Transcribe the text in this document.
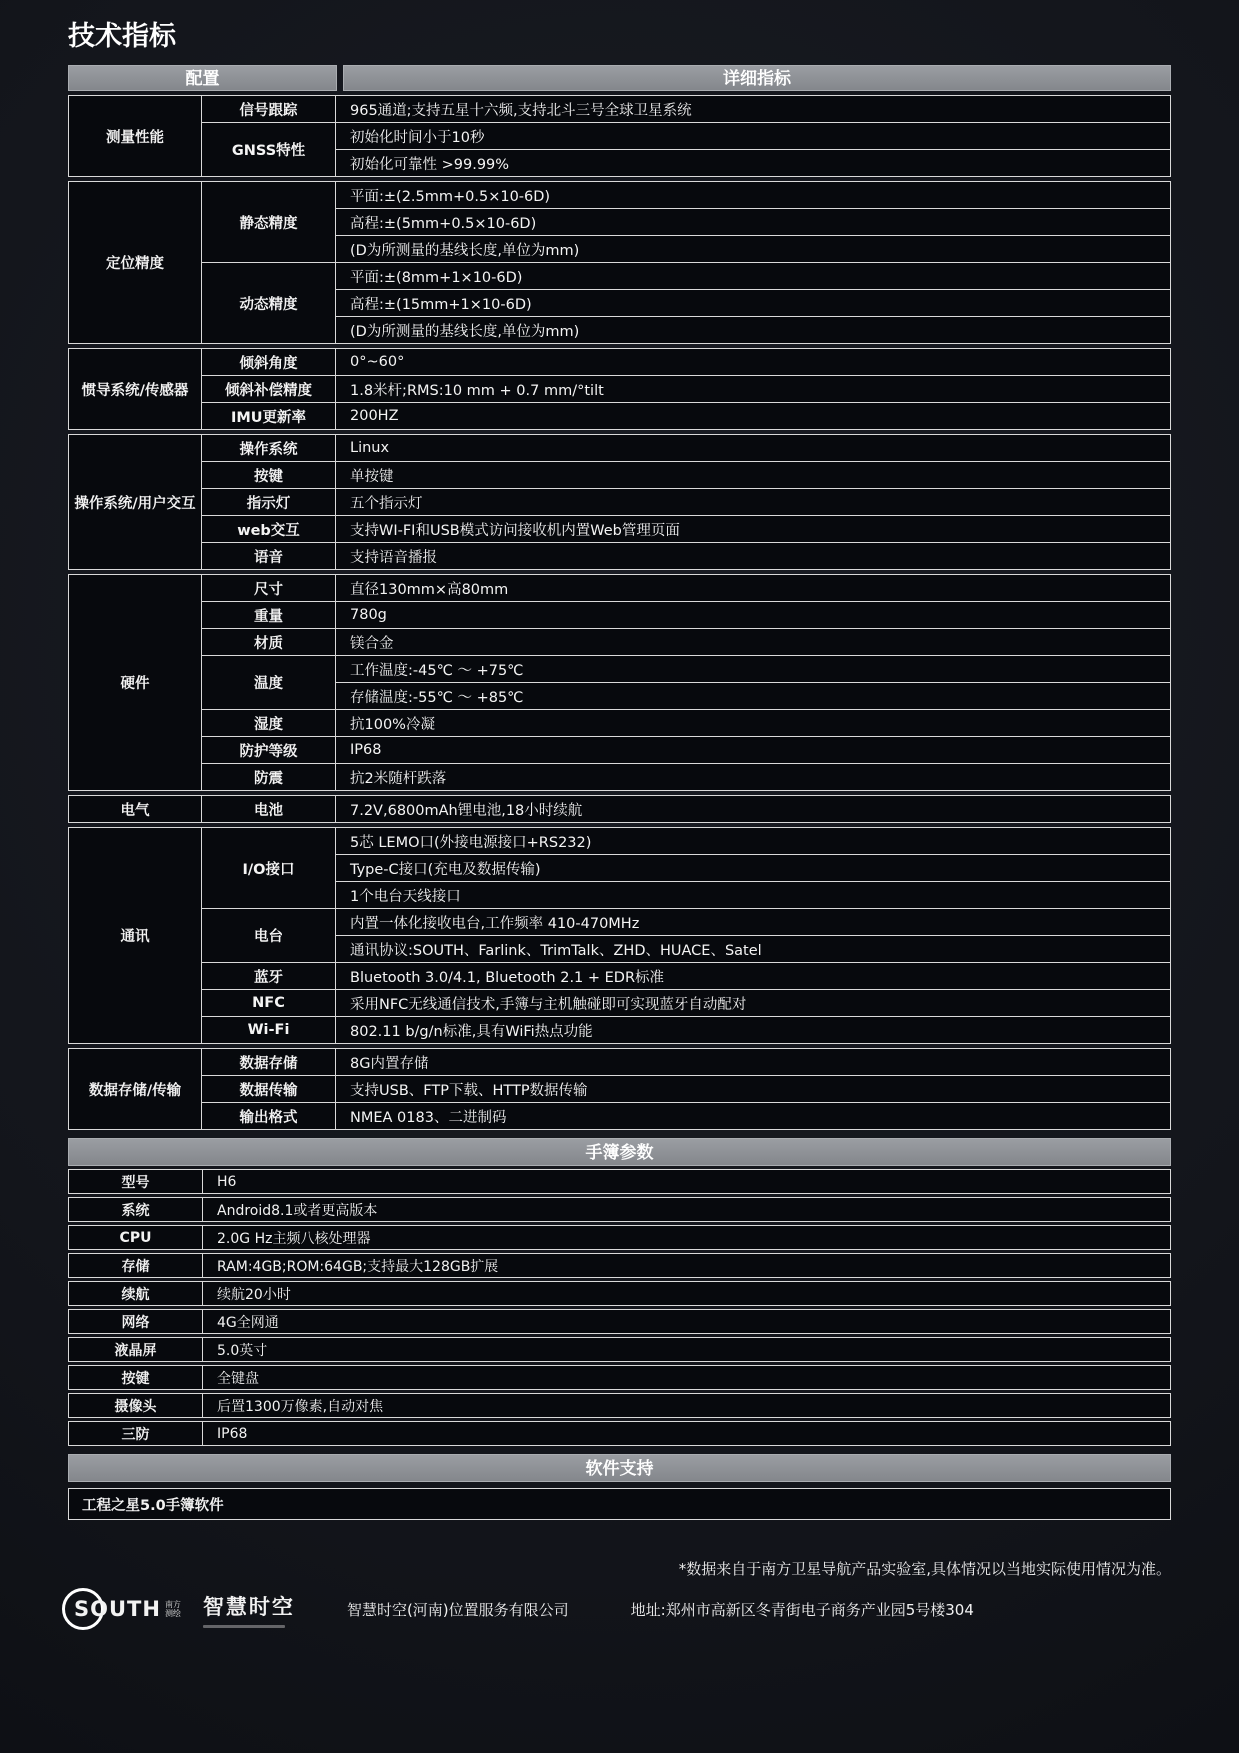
技术指标
配置	详细指标
测量性能	信号跟踪	965通道;支持五星十六频,支持北斗三号全球卫星系统
	GNSS特性	初始化时间小于10秒
		初始化可靠性 >99.99%
定位精度	静态精度	平面:±(2.5mm+0.5×10-6D)
		高程:±(5mm+0.5×10-6D)
		(D为所测量的基线长度,单位为mm)
	动态精度	平面:±(8mm+1×10-6D)
		高程:±(15mm+1×10-6D)
		(D为所测量的基线长度,单位为mm)
惯导系统/传感器	倾斜角度	0°~60°
	倾斜补偿精度	1.8米杆;RMS:10 mm + 0.7 mm/°tilt
	IMU更新率	200HZ
操作系统/用户交互	操作系统	Linux
	按键	单按键
	指示灯	五个指示灯
	web交互	支持WI-FI和USB模式访问接收机内置Web管理页面
	语音	支持语音播报
硬件	尺寸	直径130mm×高80mm
	重量	780g
	材质	镁合金
	温度	工作温度:-45℃ ～ +75℃
		存储温度:-55℃ ～ +85℃
	湿度	抗100%冷凝
	防护等级	IP68
	防震	抗2米随杆跌落
电气	电池	7.2V,6800mAh锂电池,18小时续航
通讯	I/O接口	5芯 LEMO口(外接电源接口+RS232)
		Type-C接口(充电及数据传输)
		1个电台天线接口
	电台	内置一体化接收电台,工作频率 410-470MHz
		通讯协议:SOUTH、Farlink、TrimTalk、ZHD、HUACE、Satel
	蓝牙	Bluetooth 3.0/4.1, Bluetooth 2.1 + EDR标准
	NFC	采用NFC无线通信技术,手簿与主机触碰即可实现蓝牙自动配对
	Wi-Fi	802.11 b/g/n标准,具有WiFi热点功能
数据存储/传输	数据存储	8G内置存储
	数据传输	支持USB、FTP下载、HTTP数据传输
	输出格式	NMEA 0183、二进制码
手簿参数
型号	H6
系统	Android8.1或者更高版本
CPU	2.0G Hz主频八核处理器
存储	RAM:4GB;ROM:64GB;支持最大128GB扩展
续航	续航20小时
网络	4G全网通
液晶屏	5.0英寸
按键	全键盘
摄像头	后置1300万像素,自动对焦
三防	IP68
软件支持
工程之星5.0手簿软件
*数据来自于南方卫星导航产品实验室,具体情况以当地实际使用情况为准。
SOUTH 南方测绘 智慧时空	智慧时空(河南)位置服务有限公司	地址:郑州市高新区冬青街电子商务产业园5号楼304
